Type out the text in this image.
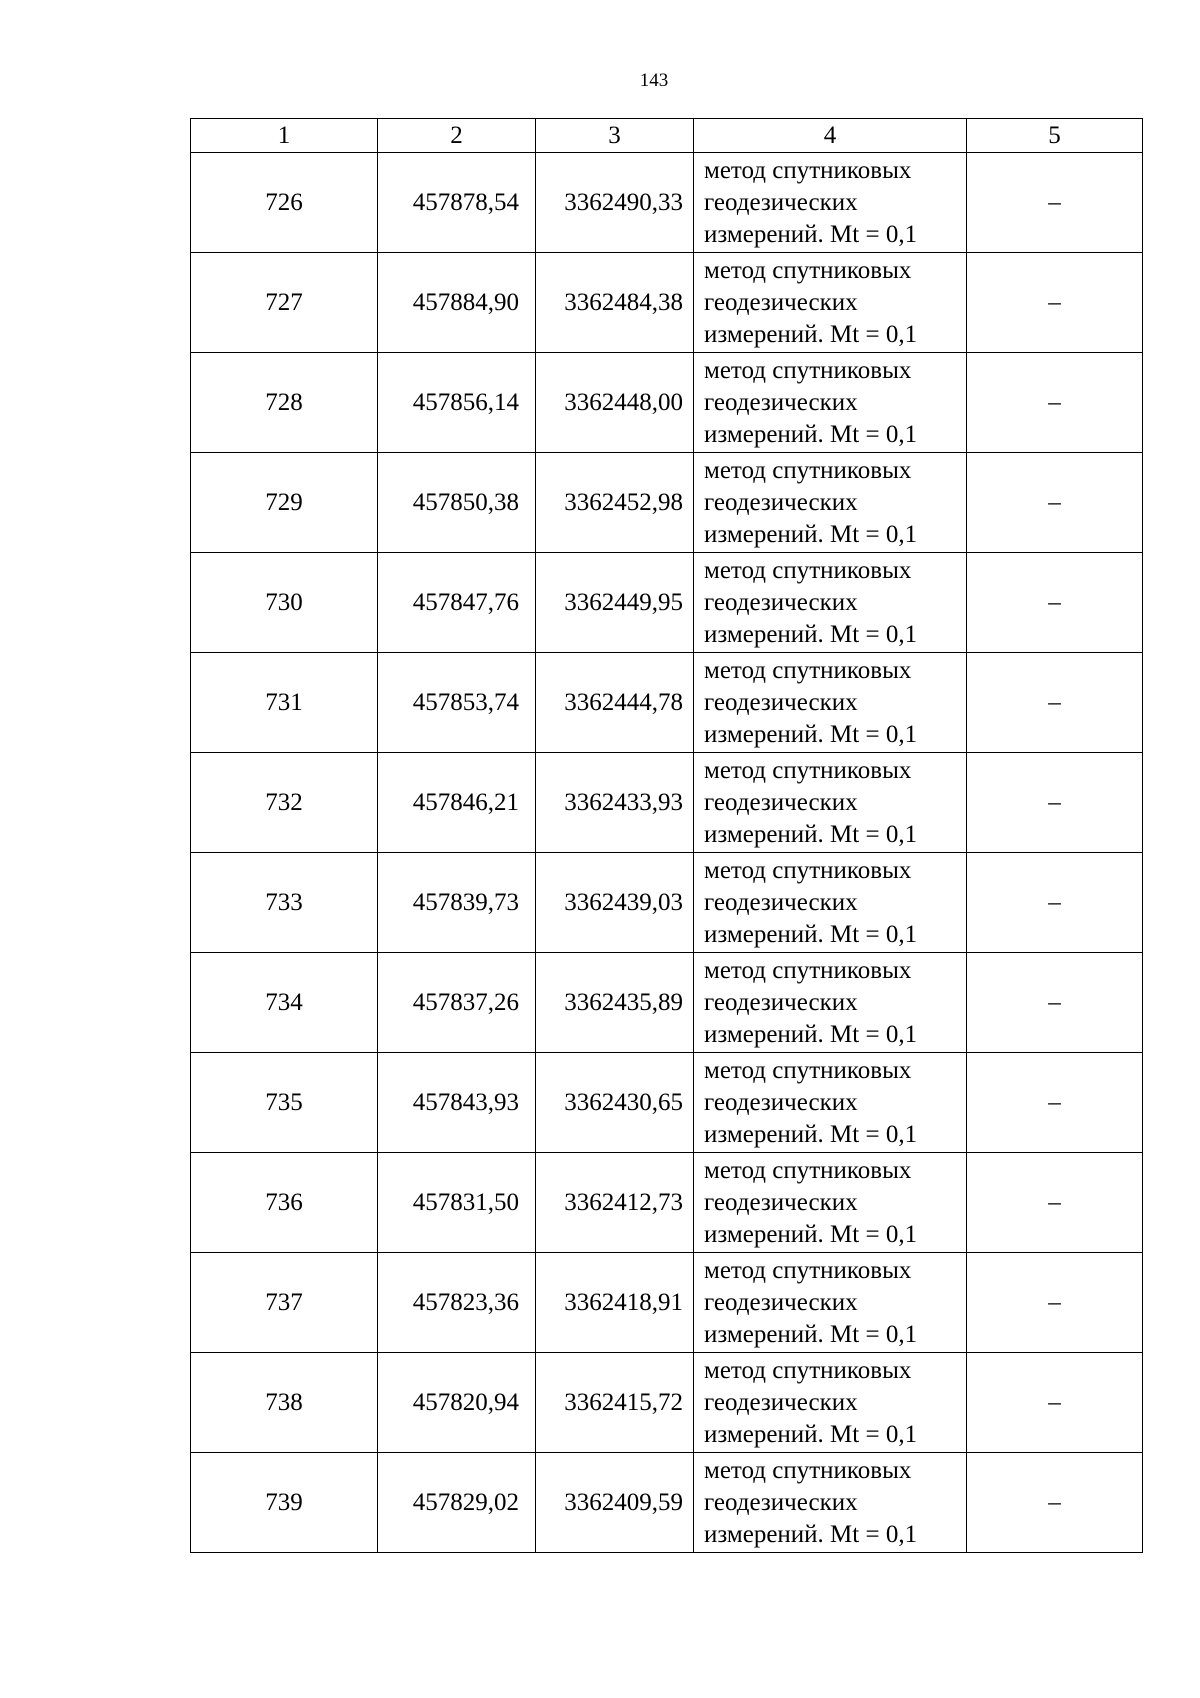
143
1	2	3	4	5
726	457878,54	3362490,33	метод спутниковых
геодезических
измерений. Mt = 0,1	–
727	457884,90	3362484,38	метод спутниковых
геодезических
измерений. Mt = 0,1	–
728	457856,14	3362448,00	метод спутниковых
геодезических
измерений. Mt = 0,1	–
729	457850,38	3362452,98	метод спутниковых
геодезических
измерений. Mt = 0,1	–
730	457847,76	3362449,95	метод спутниковых
геодезических
измерений. Mt = 0,1	–
731	457853,74	3362444,78	метод спутниковых
геодезических
измерений. Mt = 0,1	–
732	457846,21	3362433,93	метод спутниковых
геодезических
измерений. Mt = 0,1	–
733	457839,73	3362439,03	метод спутниковых
геодезических
измерений. Mt = 0,1	–
734	457837,26	3362435,89	метод спутниковых
геодезических
измерений. Mt = 0,1	–
735	457843,93	3362430,65	метод спутниковых
геодезических
измерений. Mt = 0,1	–
736	457831,50	3362412,73	метод спутниковых
геодезических
измерений. Mt = 0,1	–
737	457823,36	3362418,91	метод спутниковых
геодезических
измерений. Mt = 0,1	–
738	457820,94	3362415,72	метод спутниковых
геодезических
измерений. Mt = 0,1	–
739	457829,02	3362409,59	метод спутниковых
геодезических
измерений. Mt = 0,1	–
